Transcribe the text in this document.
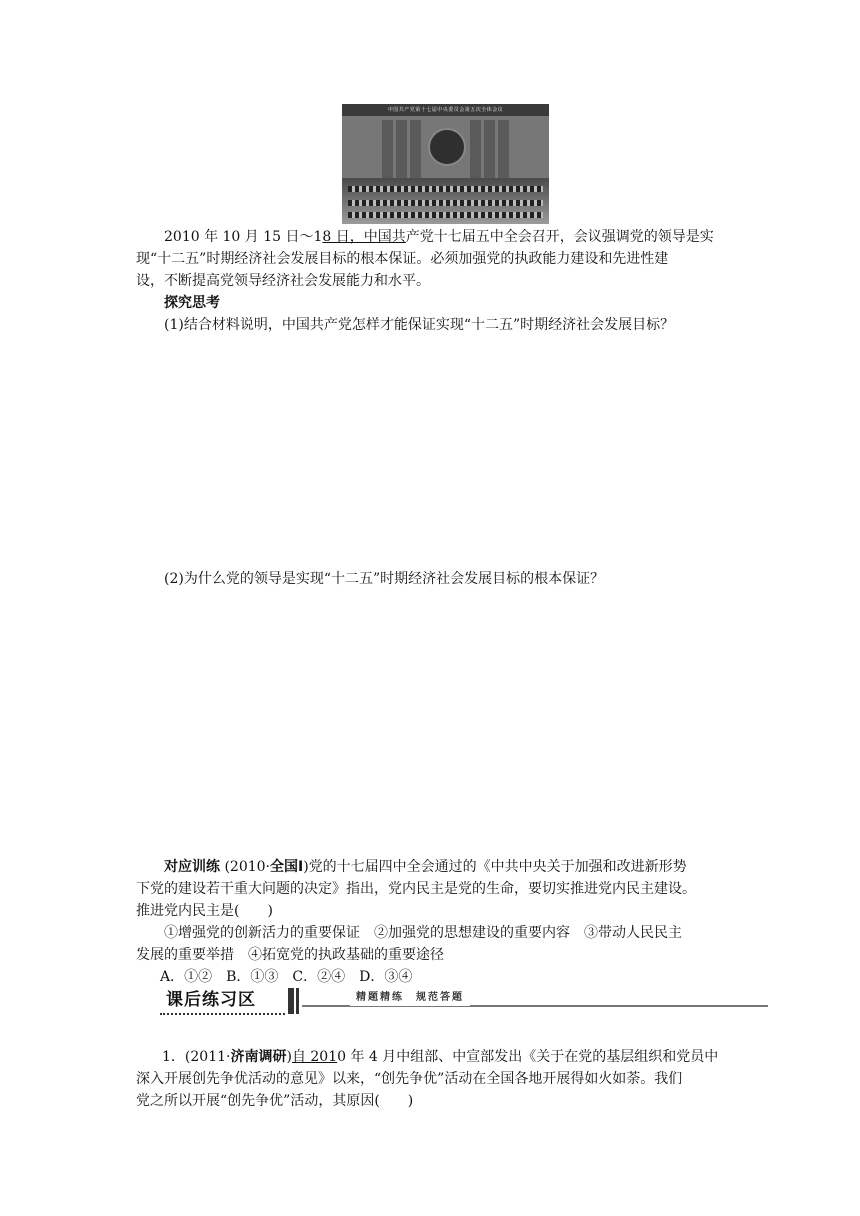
中国共产党第十七届中央委员会第五次全体会议
2010 年 10 月 15 日～18 日，中国共产党十七届五中全会召开，会议强调党的领导是实
现“十二五”时期经济社会发展目标的根本保证。必须加强党的执政能力建设和先进性建
设，不断提高党领导经济社会发展能力和水平。
探究思考
(1)结合材料说明，中国共产党怎样才能保证实现“十二五”时期经济社会发展目标？
(2)为什么党的领导是实现“十二五”时期经济社会发展目标的根本保证？
对应训练 (2010·全国Ⅰ)党的十七届四中全会通过的《中共中央关于加强和改进新形势
下党的建设若干重大问题的决定》指出，党内民主是党的生命，要切实推进党内民主建设。
推进党内民主是(　　)
①增强党的创新活力的重要保证　②加强党的思想建设的重要内容　③带动人民民主
发展的重要举措　④拓宽党的执政基础的重要途径
A．①②　B．①③　C．②④　D．③④
课后练习区	精题精练　规范答题
1．(2011·济南调研)自 2010 年 4 月中组部、中宣部发出《关于在党的基层组织和党员中
深入开展创先争优活动的意见》以来，“创先争优”活动在全国各地开展得如火如荼。我们
党之所以开展“创先争优”活动，其原因(　　)
